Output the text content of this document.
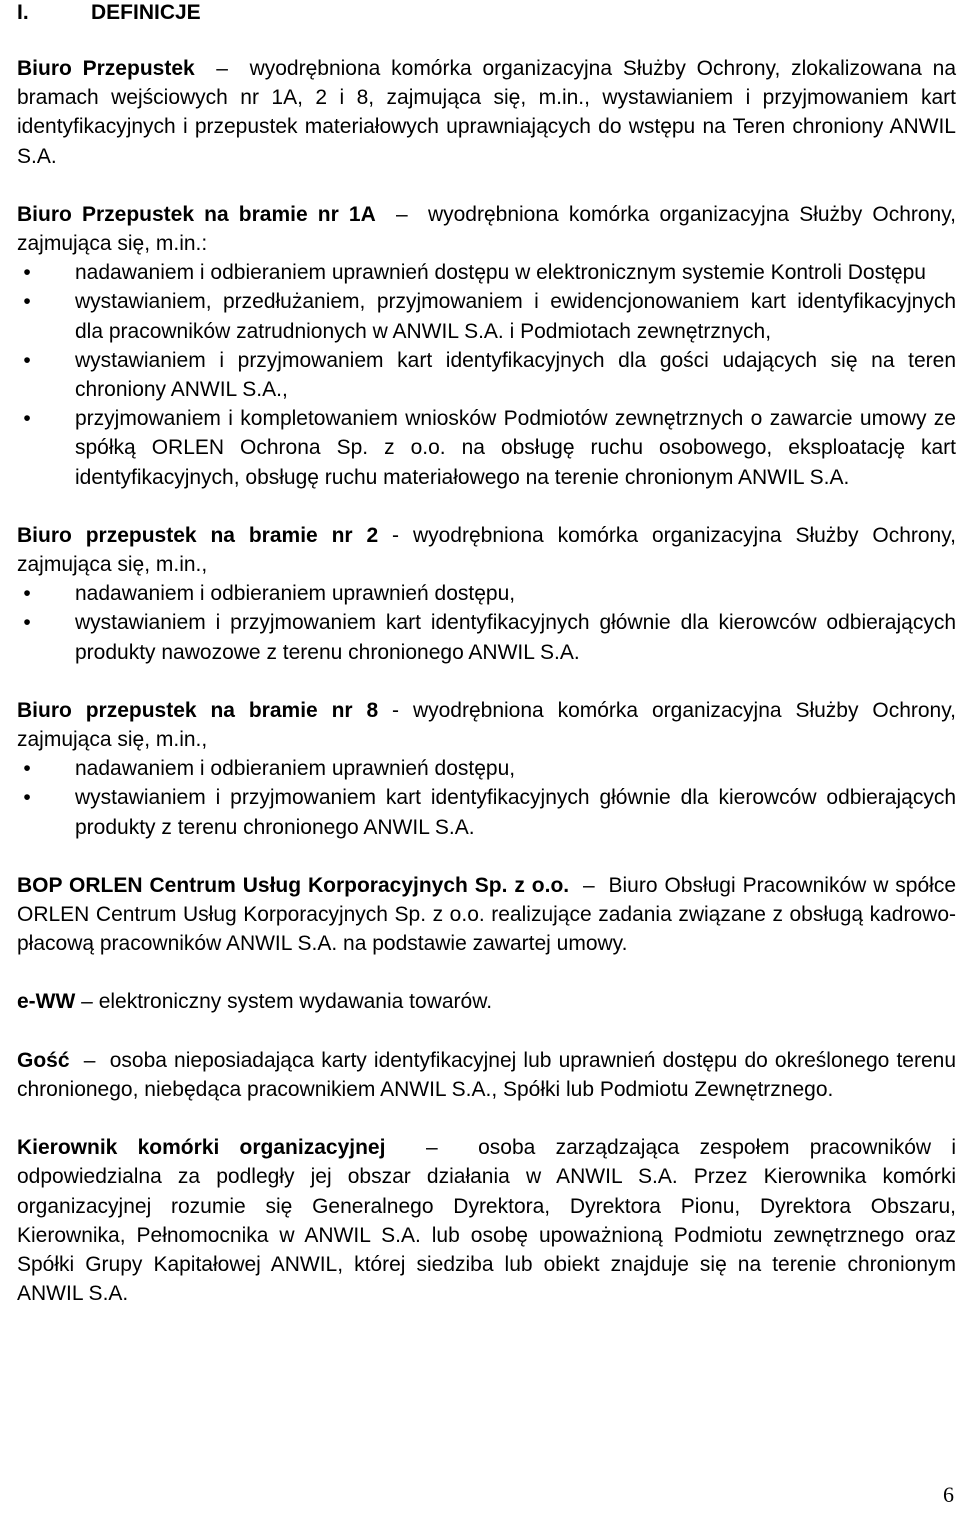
I.	DEFINICJE

Biuro Przepustek – wyodrębniona komórka organizacyjna Służby Ochrony, zlokalizowana na bramach wejściowych nr 1A, 2 i 8, zajmująca się, m.in., wystawianiem i przyjmowaniem kart identyfikacyjnych i przepustek materiałowych uprawniających do wstępu na Teren chroniony ANWIL S.A.

Biuro Przepustek na bramie nr 1A – wyodrębniona komórka organizacyjna Służby Ochrony, zajmująca się, m.in.:

• nadawaniem i odbieraniem uprawnień dostępu w elektronicznym systemie Kontroli Dostępu
• wystawianiem, przedłużaniem, przyjmowaniem i ewidencjonowaniem kart identyfikacyjnych dla pracowników zatrudnionych w ANWIL S.A. i Podmiotach zewnętrznych,
• wystawianiem i przyjmowaniem kart identyfikacyjnych dla gości udających się na teren chroniony ANWIL S.A.,
• przyjmowaniem i kompletowaniem wniosków Podmiotów zewnętrznych o zawarcie umowy ze spółką ORLEN Ochrona Sp. z o.o. na obsługę ruchu osobowego, eksploatację kart identyfikacyjnych, obsługę ruchu materiałowego na terenie chronionym ANWIL S.A.

Biuro przepustek na bramie nr 2 - wyodrębniona komórka organizacyjna Służby Ochrony, zajmująca się, m.in.,

• nadawaniem i odbieraniem uprawnień dostępu,
• wystawianiem i przyjmowaniem kart identyfikacyjnych głównie dla kierowców odbierających produkty nawozowe z terenu chronionego ANWIL S.A.

Biuro przepustek na bramie nr 8 - wyodrębniona komórka organizacyjna Służby Ochrony, zajmująca się, m.in.,

• nadawaniem i odbieraniem uprawnień dostępu,
• wystawianiem i przyjmowaniem kart identyfikacyjnych głównie dla kierowców odbierających produkty z terenu chronionego ANWIL S.A.

BOP ORLEN Centrum Usług Korporacyjnych Sp. z o.o. – Biuro Obsługi Pracowników w spółce ORLEN Centrum Usług Korporacyjnych Sp. z o.o. realizujące zadania związane z obsługą kadrowo-płacową pracowników ANWIL S.A. na podstawie zawartej umowy.

e-WW – elektroniczny system wydawania towarów.

Gość – osoba nieposiadająca karty identyfikacyjnej lub uprawnień dostępu do określonego terenu chronionego, niebędąca pracownikiem ANWIL S.A., Spółki lub Podmiotu Zewnętrznego.

Kierownik komórki organizacyjnej – osoba zarządzająca zespołem pracowników i odpowiedzialna za podległy jej obszar działania w ANWIL S.A. Przez Kierownika komórki organizacyjnej rozumie się Generalnego Dyrektora, Dyrektora Pionu, Dyrektora Obszaru, Kierownika, Pełnomocnika w ANWIL S.A. lub osobę upoważnioną Podmiotu zewnętrznego oraz Spółki Grupy Kapitałowej ANWIL, której siedziba lub obiekt znajduje się na terenie chronionym ANWIL S.A.

6
